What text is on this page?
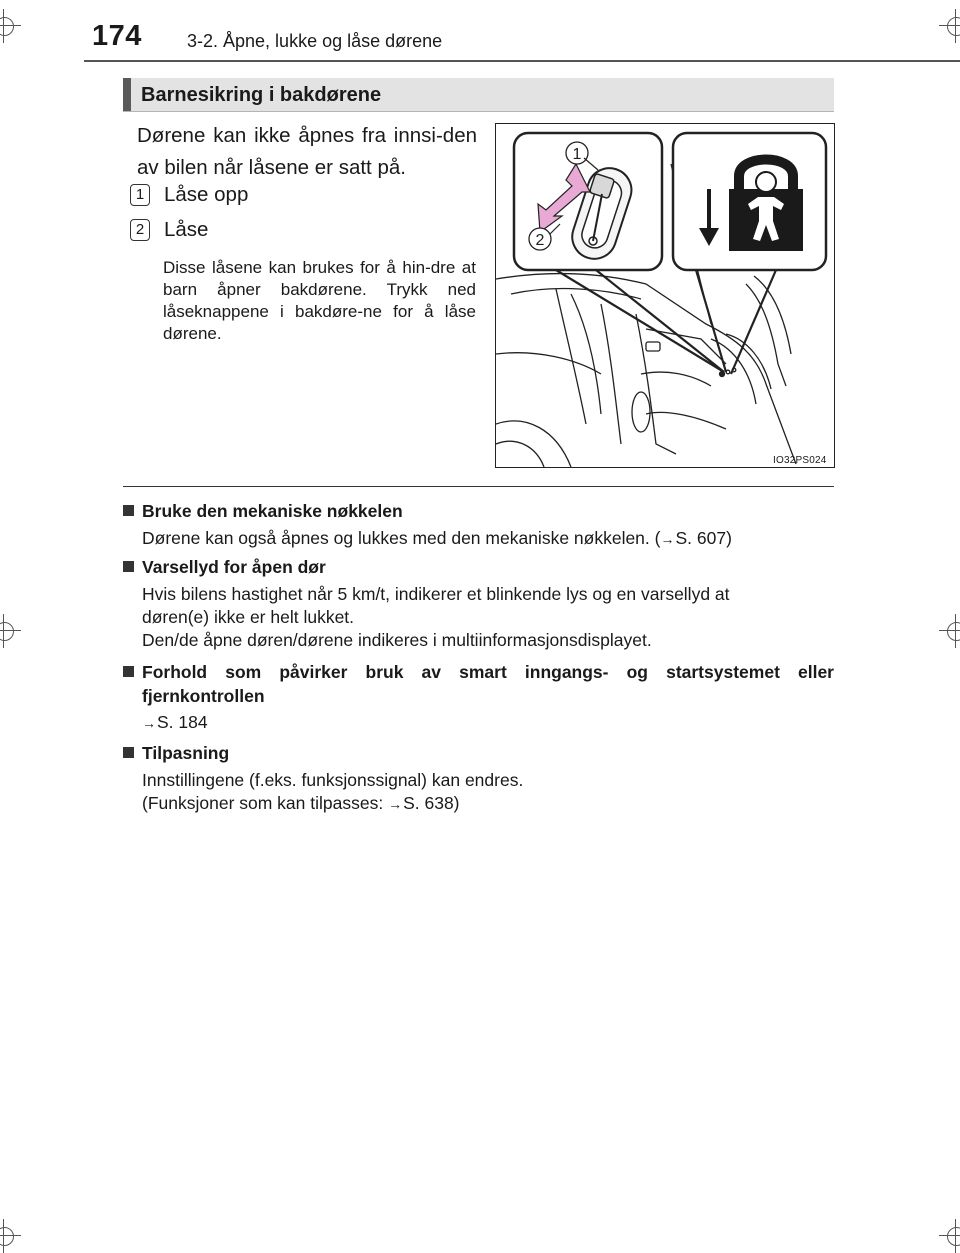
174	3-2. Åpne, lukke og låse dørene
Barnesikring i bakdørene
Dørene kan ikke åpnes fra innsi-den av bilen når låsene er satt på.
1 Låse opp
2 Låse
Disse låsene kan brukes for å hin-dre at barn åpner bakdørene. Trykk ned låseknappene i bakdøre-ne for å låse dørene.
1
2
IO32PS024
Bruke den mekaniske nøkkelen
Dørene kan også åpnes og lukkes med den mekaniske nøkkelen. (→S. 607)
Varsellyd for åpen dør
Hvis bilens hastighet når 5 km/t, indikerer et blinkende lys og en varsellyd at
døren(e) ikke er helt lukket.
Den/de åpne døren/dørene indikeres i multiinformasjonsdisplayet.
Forhold som påvirker bruk av smart inngangs- og startsystemet eller
fjernkontrollen
→S. 184
Tilpasning
Innstillingene (f.eks. funksjonssignal) kan endres.
(Funksjoner som kan tilpasses: →S. 638)
